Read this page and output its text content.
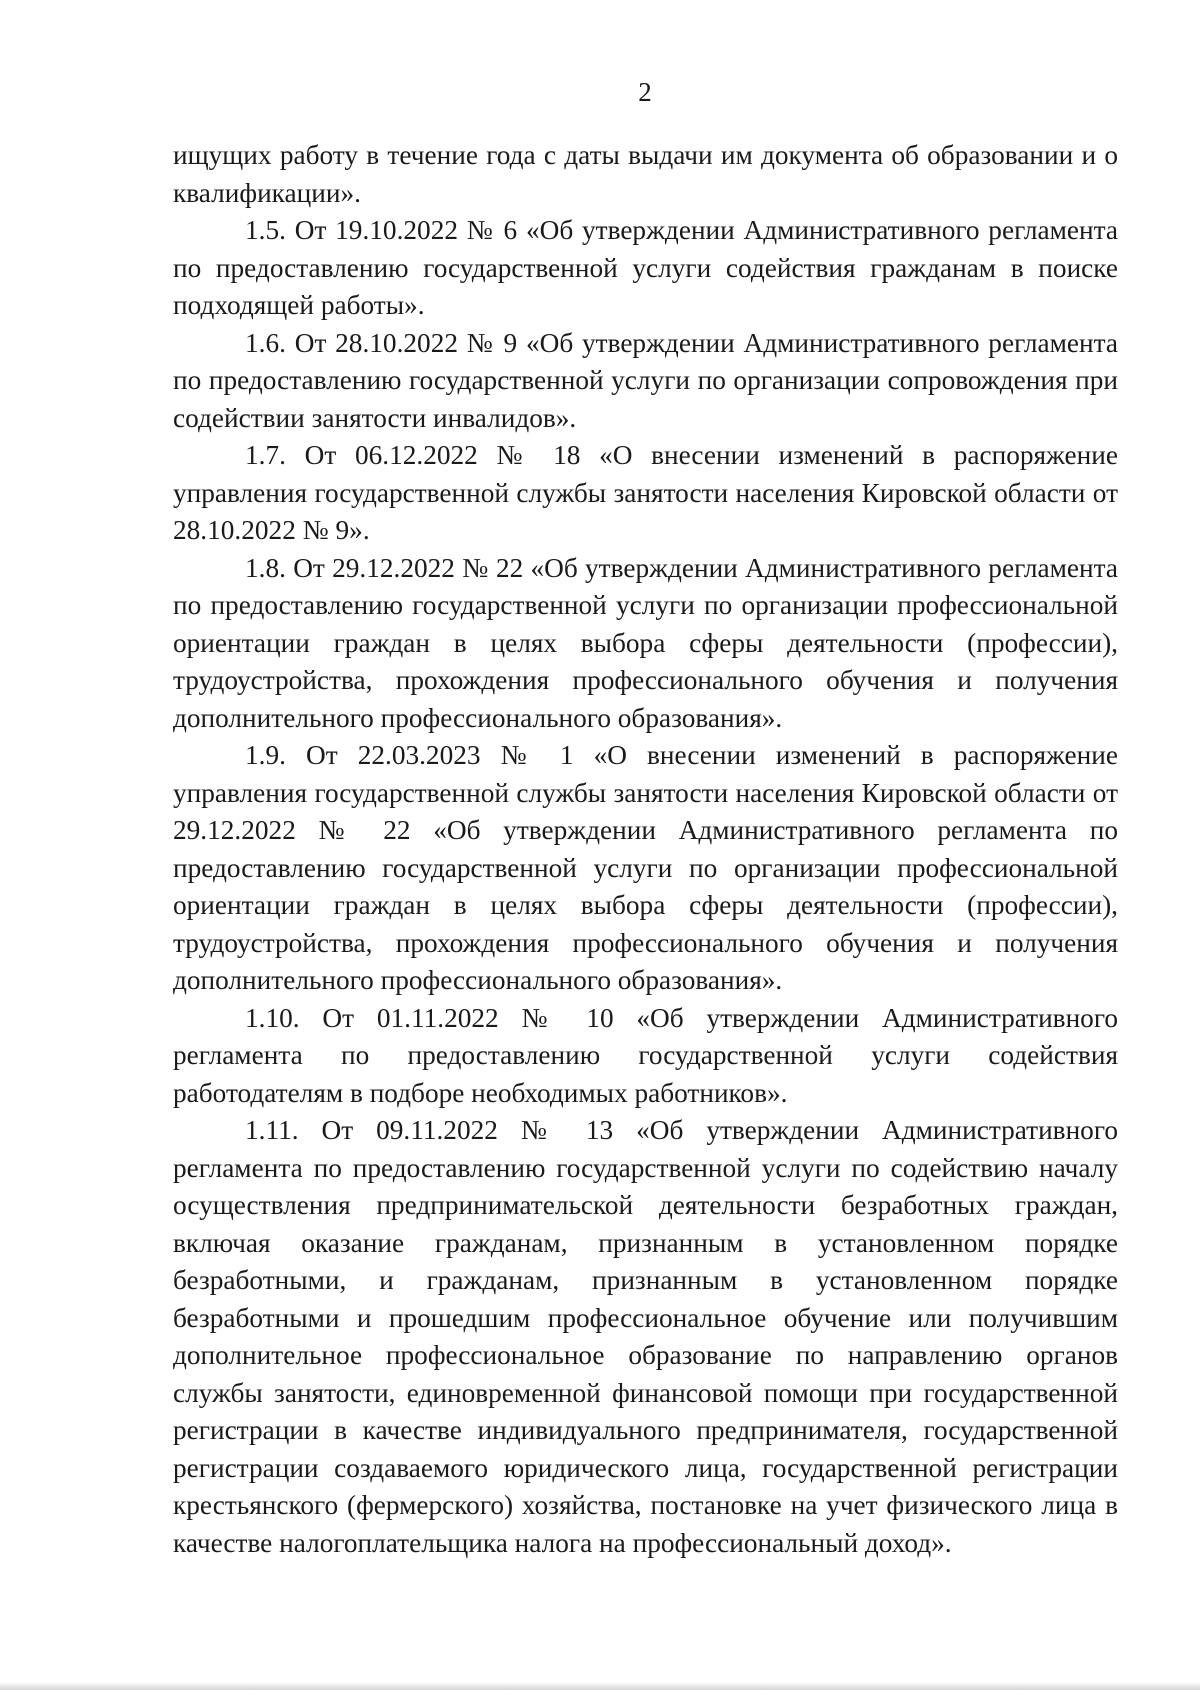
2

ищущих работу в течение года с даты выдачи им документа об образовании и о квалификации».

1.5. От 19.10.2022 № 6 «Об утверждении Административного регламента по предоставлению государственной услуги содействия гражданам в поиске подходящей работы».

1.6. От 28.10.2022 № 9 «Об утверждении Административного регламента по предоставлению государственной услуги по организации сопровождения при содействии занятости инвалидов».

1.7. От 06.12.2022 № 18 «О внесении изменений в распоряжение управления государственной службы занятости населения Кировской области от 28.10.2022 № 9».

1.8. От 29.12.2022 № 22 «Об утверждении Административного регламента по предоставлению государственной услуги по организации профессиональной ориентации граждан в целях выбора сферы деятельности (профессии), трудоустройства, прохождения профессионального обучения и получения дополнительного профессионального образования».

1.9. От 22.03.2023 № 1 «О внесении изменений в распоряжение управления государственной службы занятости населения Кировской области от 29.12.2022 № 22 «Об утверждении Административного регламента по предоставлению государственной услуги по организации профессиональной ориентации граждан в целях выбора сферы деятельности (профессии), трудоустройства, прохождения профессионального обучения и получения дополнительного профессионального образования».

1.10. От 01.11.2022 № 10 «Об утверждении Административного регламента по предоставлению государственной услуги содействия работодателям в подборе необходимых работников».

1.11. От 09.11.2022 № 13 «Об утверждении Административного регламента по предоставлению государственной услуги по содействию началу осуществления предпринимательской деятельности безработных граждан, включая оказание гражданам, признанным в установленном порядке безработными, и гражданам, признанным в установленном порядке безработными и прошедшим профессиональное обучение или получившим дополнительное профессиональное образование по направлению органов службы занятости, единовременной финансовой помощи при государственной регистрации в качестве индивидуального предпринимателя, государственной регистрации создаваемого юридического лица, государственной регистрации крестьянского (фермерского) хозяйства, постановке на учет физического лица в качестве налогоплательщика налога на профессиональный доход».
